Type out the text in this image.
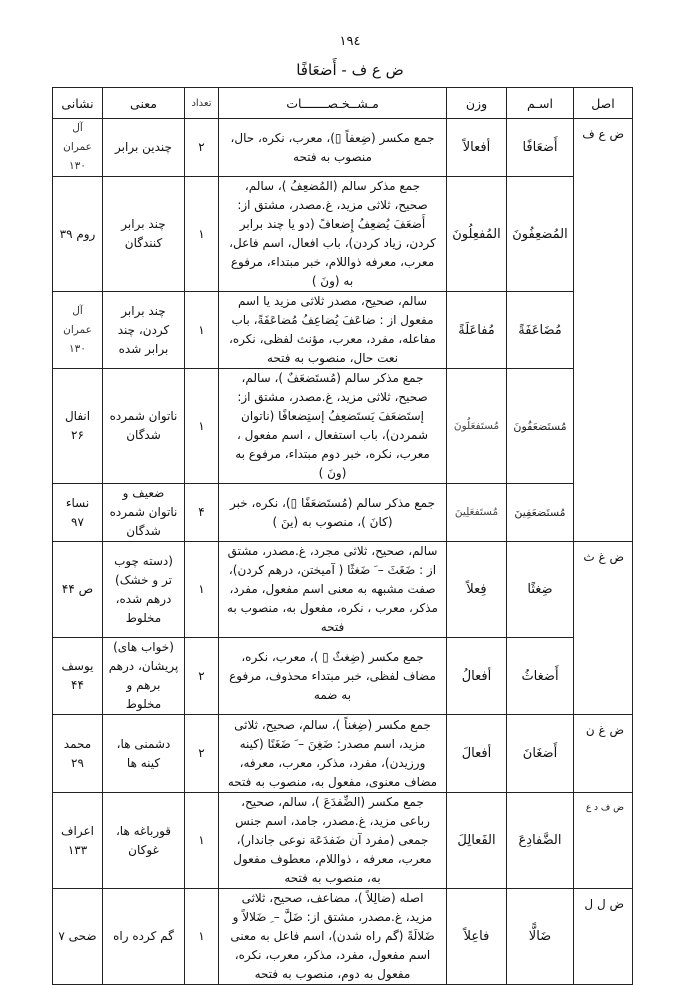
١٩٤
ض ع ف - أَضعَافًا
اصل	اسـم	وزن	مـشــخـصـــــــات	تعداد	معنی	نشانی
ض ع ف	أَضعَافًا	أفعالاً	جمع مکسر (ضِعفاً ▯)، معرب، نکره، حال، منصوب به فتحه	٢	چندین برابر	آل عمران ١٣٠
	المُضعِفُونَ	المُفعِلُونَ	جمع مذکر سالم (المُضعِفُ )، سالم، صحیح، ثلاثی مزید، غ.مصدر، مشتق از: أَضعَفَ يُضعِفُ إِضعافً (دو یا چند برابر کردن، زیاد کردن)، باب افعال، اسم فاعل، معرب، معرفه ذواللام، خبر مبتداء، مرفوع به (ونَ )	١	چند برابر کنندگان	روم ٣٩
	مُضَاعَفَةً	مُفاعَلَةً	سالم، صحیح، مصدر ثلاثی مزید یا اسم مفعول از : ضاعَفَ يُضاعِفُ مُضاعَفَةً، باب مفاعله، مفرد، معرب، مؤنث لفظی، نکره، نعت حال، منصوب به فتحه	١	چند برابر کردن، چند برابر شده	آل عمران ١٣٠
	مُستَضعَفُونَ	مُستَفعَلُونَ	جمع مذکر سالم (مُستَضعَفٌ )، سالم، صحیح، ثلاثی مزید، غ.مصدر، مشتق از: إستَضعَفَ يَستَضعِفُ إستِضعافًا (ناتوان شمردن)، باب استفعال ، اسم مفعول ، معرب، نکره، خبر دوم مبتداء، مرفوع به (ونَ )	١	ناتوان شمرده شدگان	انفال ٢۶
	مُستَضعَفِينَ	مُستَفعَلِينَ	جمع مذکر سالم (مُستَضعَفًا ▯)، نکره، خبر (كانَ )، منصوب به (ينَ )	۴	ضعیف و ناتوان شمرده شدگان	نساء ٩٧
ض غ ث	ضِغثًا	فِعلاً	سالم، صحیح، ثلاثی مجرد، غ.مصدر، مشتق از : ضَغَثَ – َ ضَغثًا ( آمیختن، درهم کردن)، صفت مشبهه به معنی اسم مفعول، مفرد، مذکر، معرب ، نکره، مفعول به، منصوب به فتحه	١	(دسته چوب تر و خشک) درهم شده، مخلوط	ص ۴۴
	أَضغاثُ	أفعالُ	جمع مکسر (ضِغثٌ ▯ )، معرب، نکره، مضاف لفظی، خبر مبتداء محذوف، مرفوع به ضمه	٢	(خواب های) پریشان، درهم برهم و مخلوط	یوسف ۴۴
ض غ ن	أَضغَانَ	أفعالَ	جمع مکسر (ضِغناً )، سالم، صحیح، ثلاثی مزید، اسم مصدر: ضَغِنَ – َ ضَغَنًا (کینه ورزیدن)، مفرد، مذکر، معرب، معرفه، مضاف معنوی، مفعول به، منصوب به فتحه	٢	دشمنی ها، کینه ها	محمد ٢٩
ض ف د ع	الضَّفادِعَ	الفَعالِلَ	جمع مکسر (الضِّفدَعَ )، سالم، صحیح، رباعی مزید، غ.مصدر، جامد، اسم جنس جمعی (مفرد آن ضَفدَعَة نوعی جاندار)، معرب، معرفه ، ذواللام، معطوف مفعول به، منصوب به فتحه	١	قورباغه ها، غوکان	اعراف ١٣٣
ض ل ل	ضَالًّا	فاعِلاً	اصله (ضالِلاً )، مضاعف، صحیح، ثلاثی مزید، غ.مصدر، مشتق از: ضَلَّ – ِ ضَلالاً و ضَلالَةً (گم راه شدن)، اسم فاعل به معنی اسم مفعول، مفرد، مذکر، معرب، نکره، مفعول به دوم، منصوب به فتحه	١	گم کرده راه	ضحی ٧
